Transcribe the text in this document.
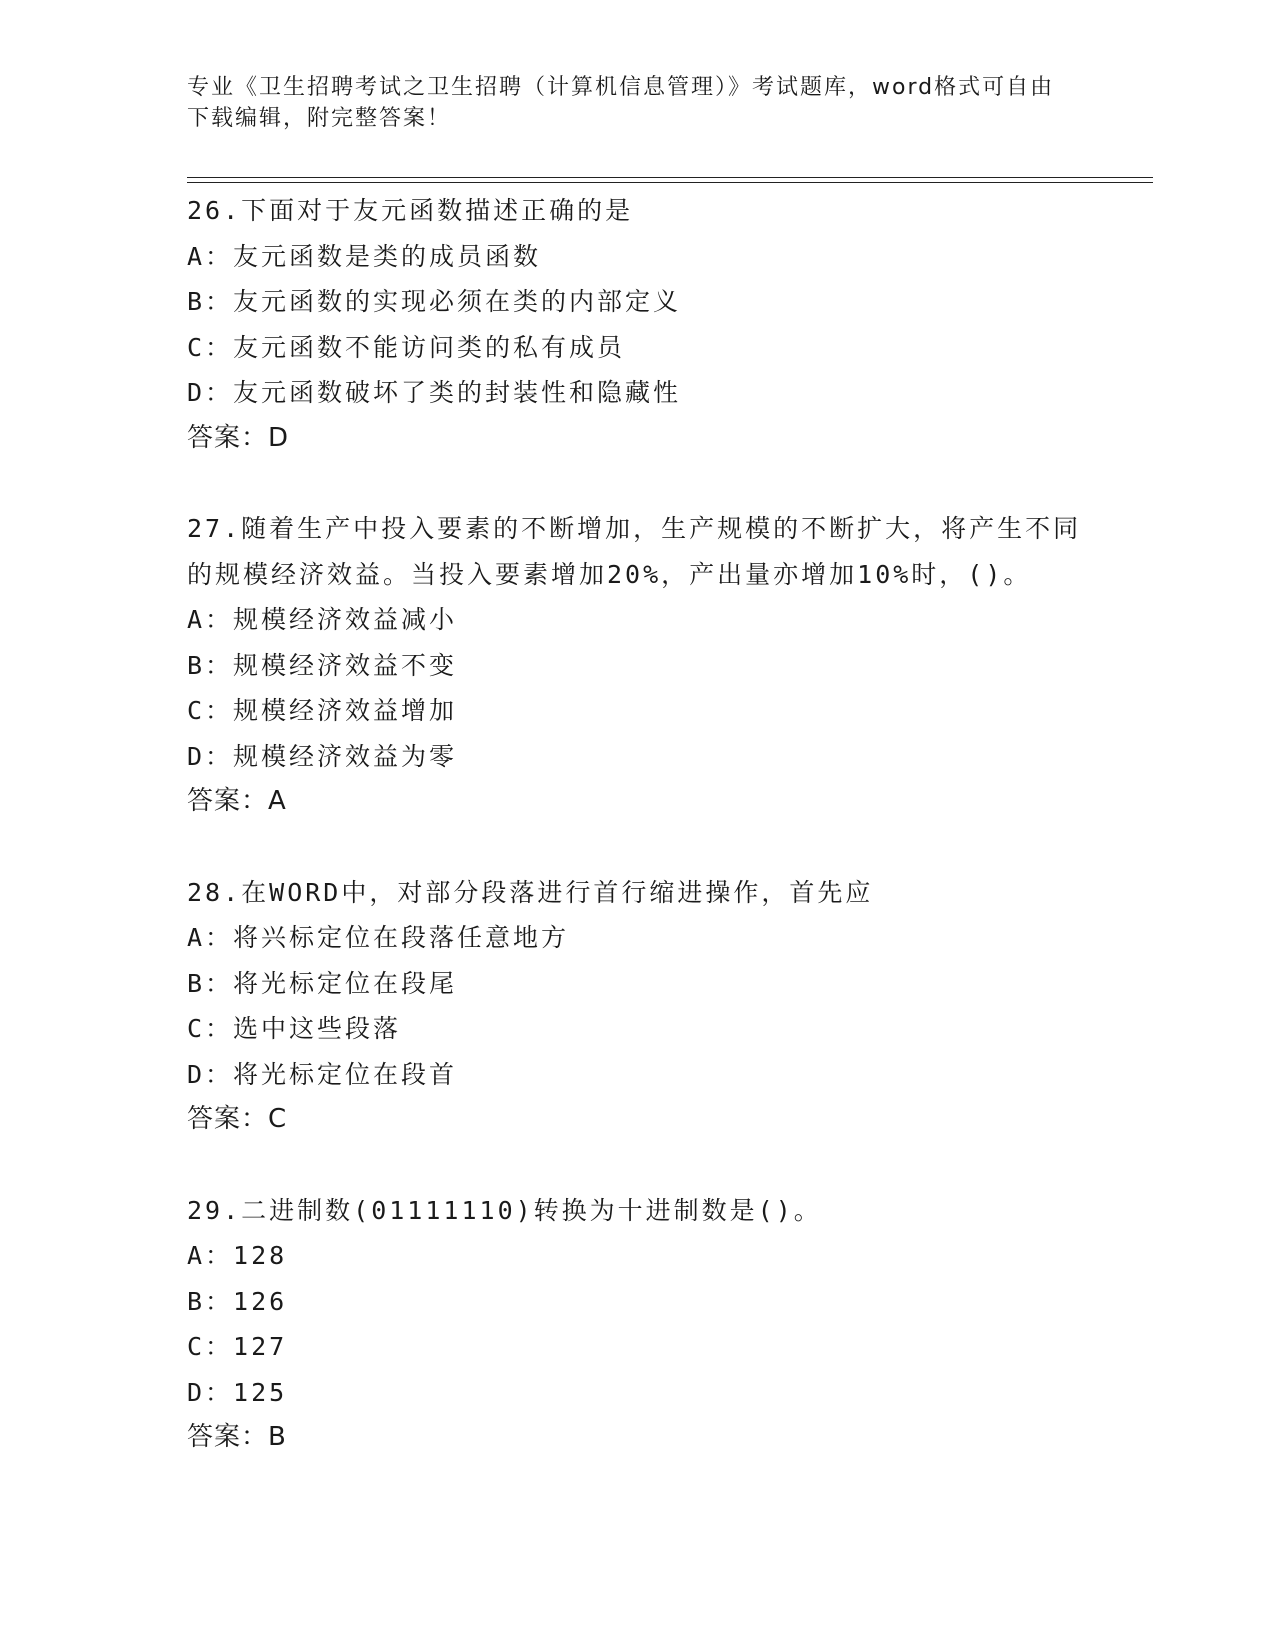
专业《卫生招聘考试之卫生招聘（计算机信息管理）》考试题库，word格式可自由下载编辑，附完整答案！
26.下面对于友元函数描述正确的是
A：友元函数是类的成员函数
B：友元函数的实现必须在类的内部定义
C：友元函数不能访问类的私有成员
D：友元函数破坏了类的封装性和隐藏性
答案：D
27.随着生产中投入要素的不断增加，生产规模的不断扩大，将产生不同的规模经济效益。当投入要素增加20%，产出量亦增加10%时，()。
A：规模经济效益减小
B：规模经济效益不变
C：规模经济效益增加
D：规模经济效益为零
答案：A
28.在WORD中，对部分段落进行首行缩进操作，首先应
A：将兴标定位在段落任意地方
B：将光标定位在段尾
C：选中这些段落
D：将光标定位在段首
答案：C
29.二进制数(01111110)转换为十进制数是()。
A：128
B：126
C：127
D：125
答案：B
